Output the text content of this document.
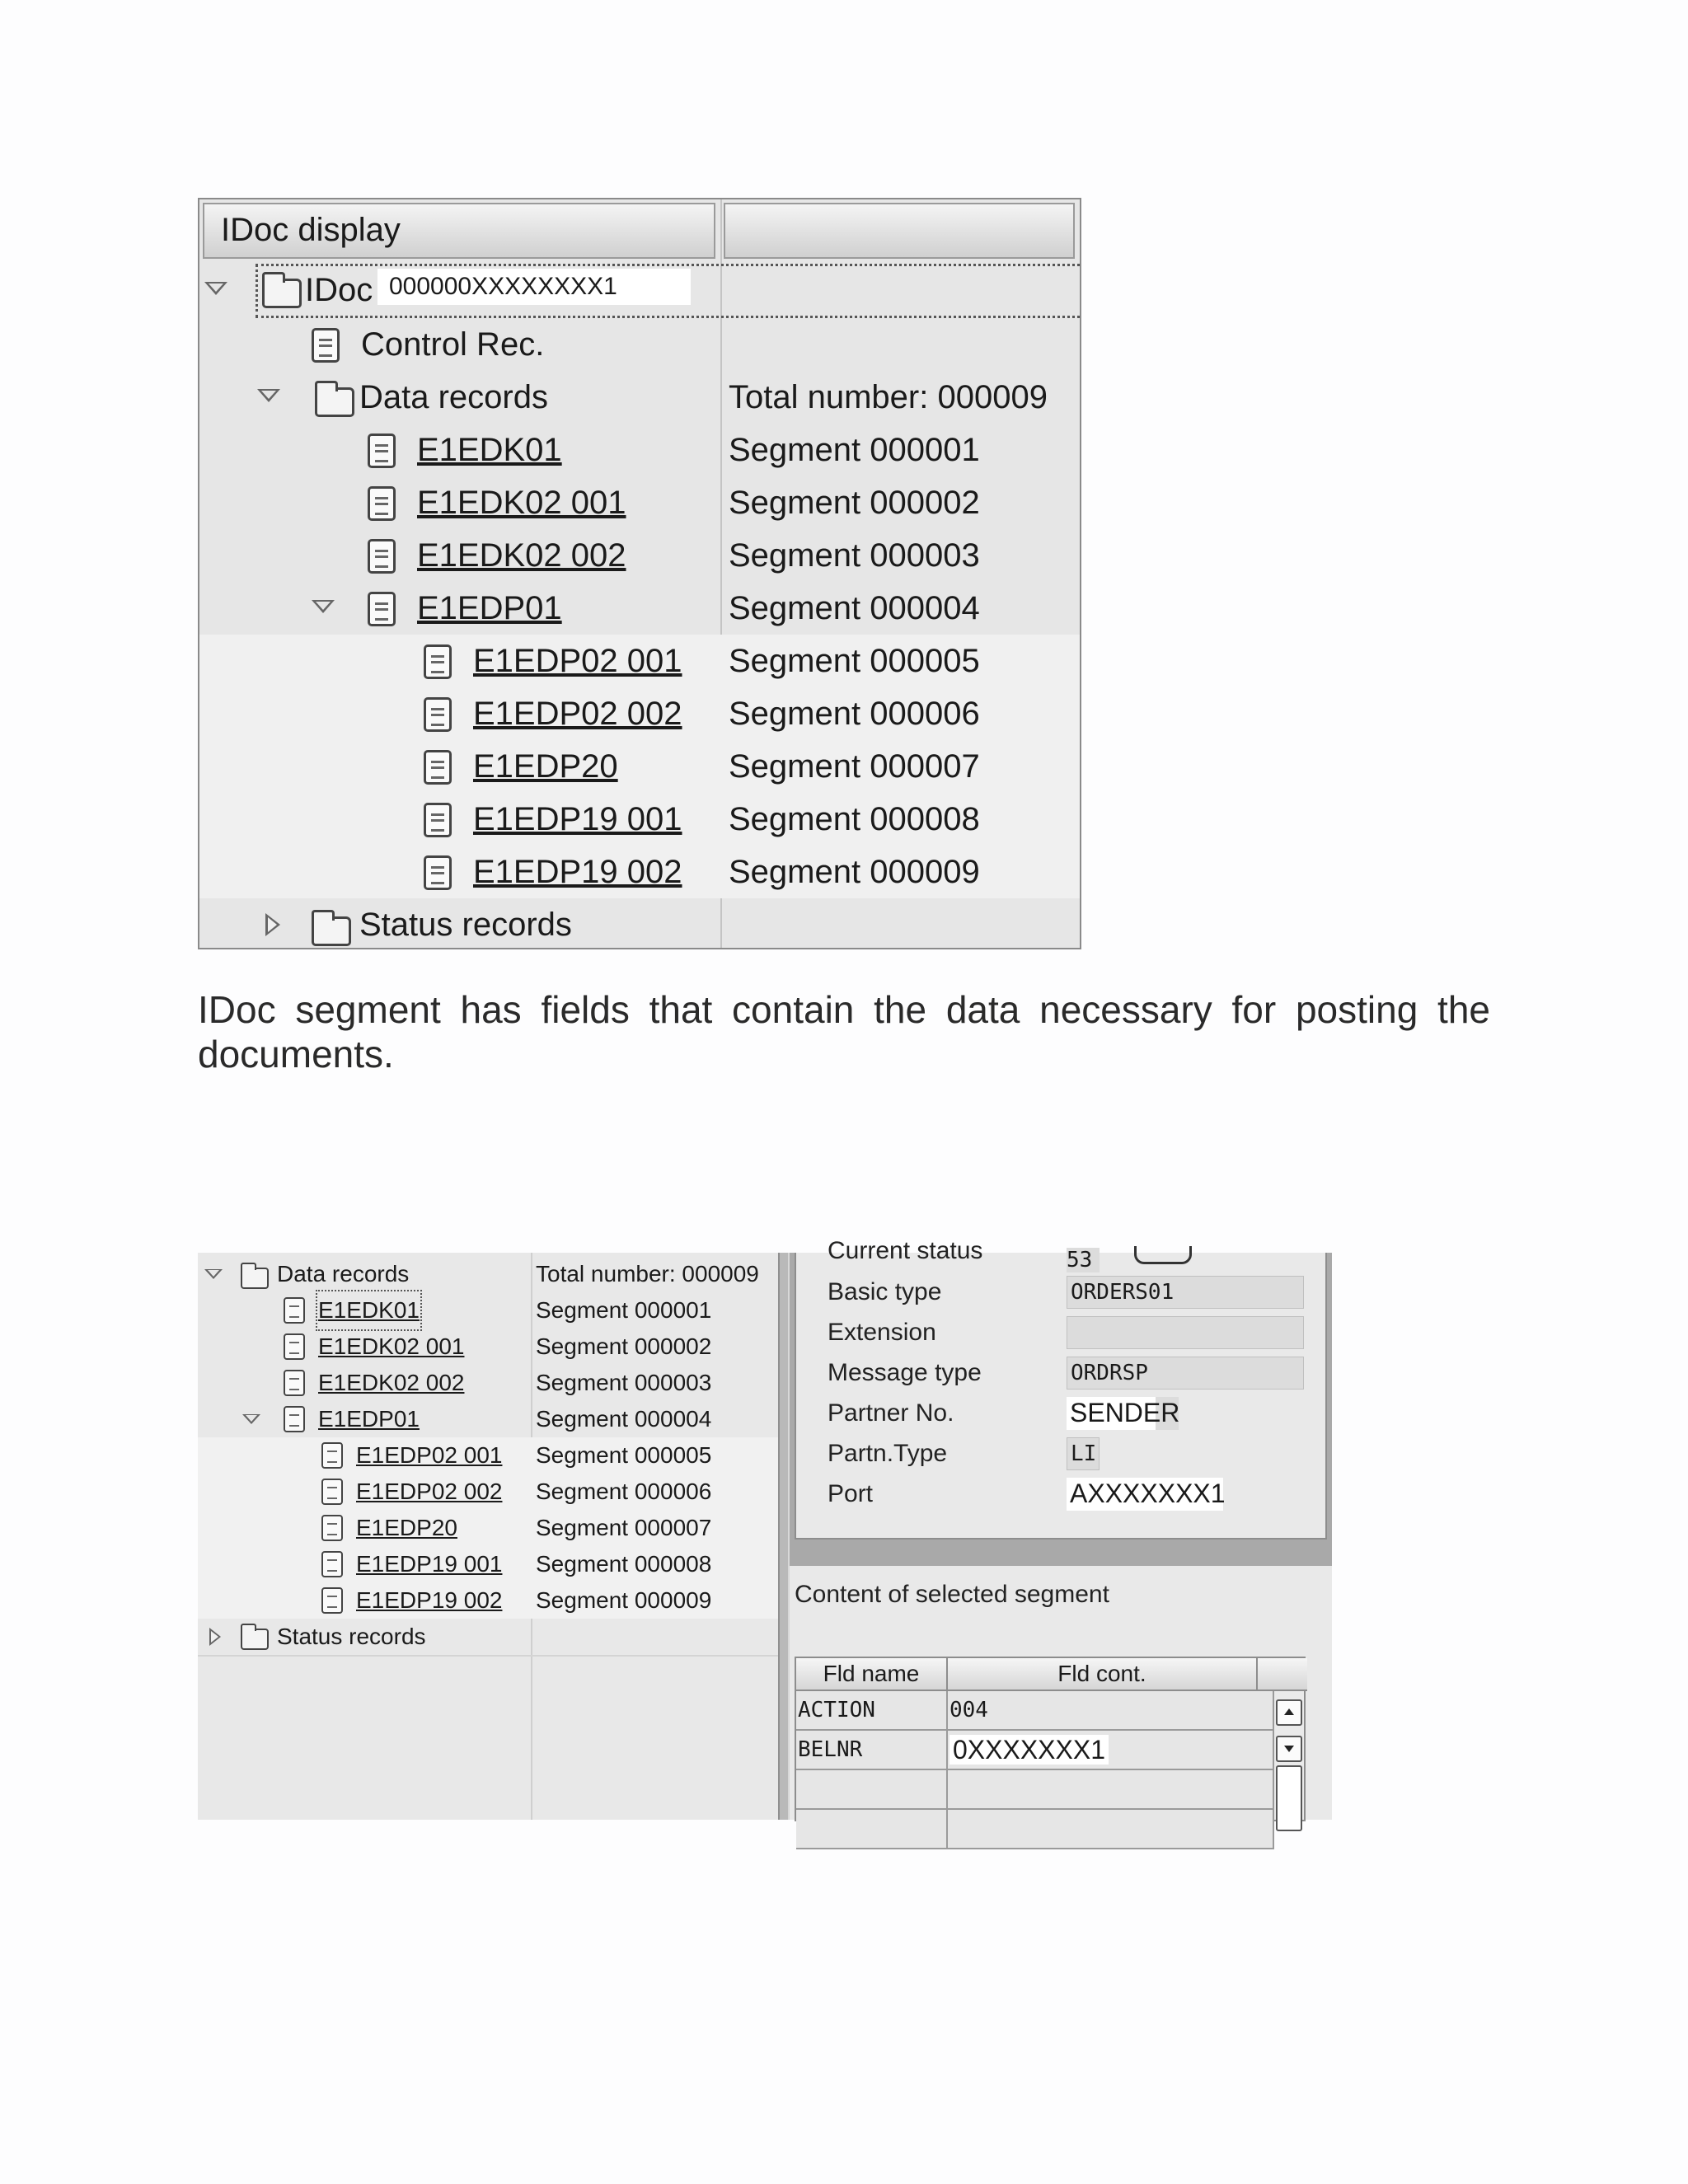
IDoc display
IDoc 000000XXXXXXXX1
Control Rec.
Data records	Total number: 000009
E1EDK01	Segment 000001
E1EDK02 001	Segment 000002
E1EDK02 002	Segment 000003
E1EDP01	Segment 000004
E1EDP02 001 Segment 000005
E1EDP02 002 Segment 000006
E1EDP20	Segment 000007
E1EDP19 001 Segment 000008
E1EDP19 002 Segment 000009
Status records
IDoc segment has fields that contain the data necessary for posting the documents.
Data records	Total number: 000009
E1EDK01	Segment 000001
E1EDK02 001	Segment 000002
E1EDK02 002	Segment 000003
E1EDP01	Segment 000004
E1EDP02 001 Segment 000005
E1EDP02 002 Segment 000006
E1EDP20	Segment 000007
E1EDP19 001 Segment 000008
E1EDP19 002 Segment 000009
Status records
Current status	53
Basic type	ORDERS01
Extension
Message type	ORDRSP
Partner No.	SENDER
Partn.Type	LI
Port	AXXXXXXX1
Content of selected segment
Fld name	Fld cont.
ACTION	004
BELNR	0XXXXXXX1
